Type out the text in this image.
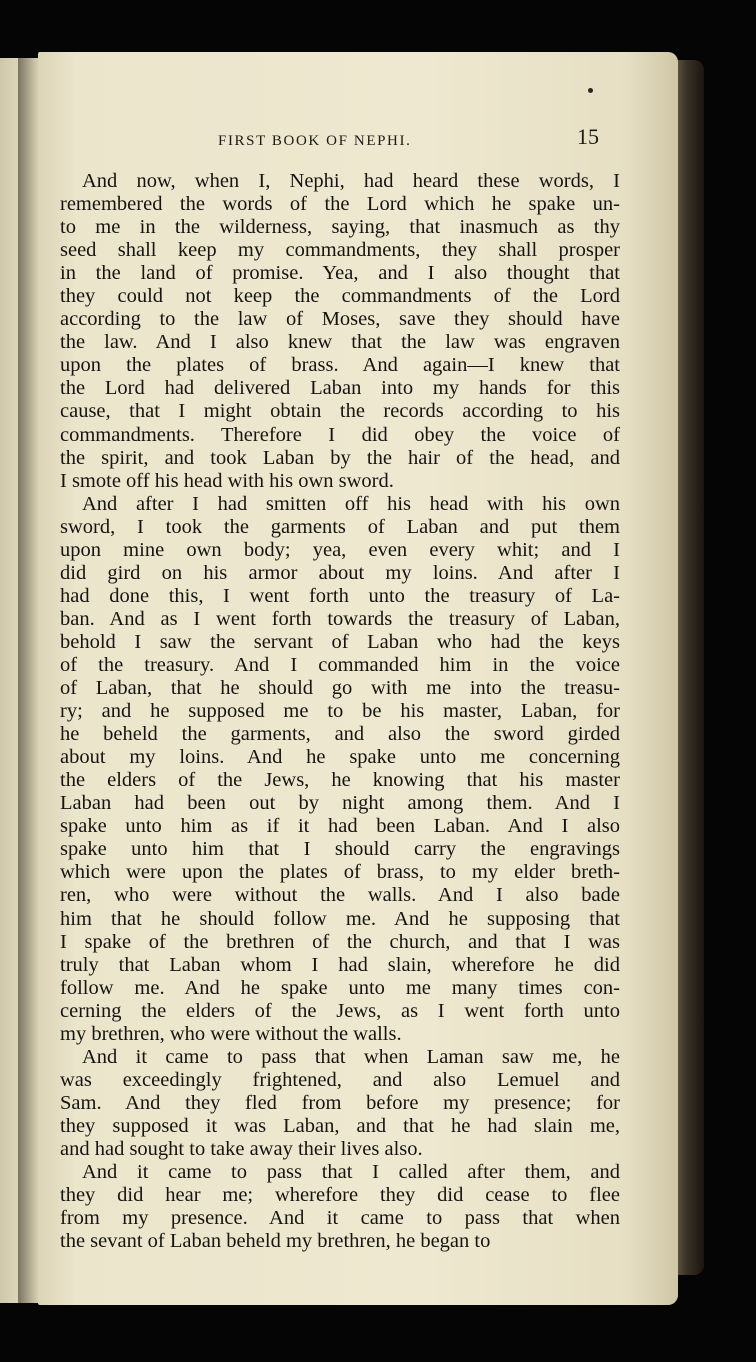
FIRST BOOK OF NEPHI.	15
And now, when I, Nephi, had heard these words, I
remembered the words of the Lord which he spake un-
to me in the wilderness, saying, that inasmuch as thy
seed shall keep my commandments, they shall prosper
in the land of promise. Yea, and I also thought that
they could not keep the commandments of the Lord
according to the law of Moses, save they should have
the law. And I also knew that the law was engraven
upon the plates of brass. And again—I knew that
the Lord had delivered Laban into my hands for this
cause, that I might obtain the records according to his
commandments. Therefore I did obey the voice of
the spirit, and took Laban by the hair of the head, and
I smote off his head with his own sword.
And after I had smitten off his head with his own
sword, I took the garments of Laban and put them
upon mine own body; yea, even every whit; and I
did gird on his armor about my loins. And after I
had done this, I went forth unto the treasury of La-
ban. And as I went forth towards the treasury of Laban,
behold I saw the servant of Laban who had the keys
of the treasury. And I commanded him in the voice
of Laban, that he should go with me into the treasu-
ry; and he supposed me to be his master, Laban, for
he beheld the garments, and also the sword girded
about my loins. And he spake unto me concerning
the elders of the Jews, he knowing that his master
Laban had been out by night among them. And I
spake unto him as if it had been Laban. And I also
spake unto him that I should carry the engravings
which were upon the plates of brass, to my elder breth-
ren, who were without the walls. And I also bade
him that he should follow me. And he supposing that
I spake of the brethren of the church, and that I was
truly that Laban whom I had slain, wherefore he did
follow me. And he spake unto me many times con-
cerning the elders of the Jews, as I went forth unto
my brethren, who were without the walls.
And it came to pass that when Laman saw me, he
was exceedingly frightened, and also Lemuel and
Sam. And they fled from before my presence; for
they supposed it was Laban, and that he had slain me,
and had sought to take away their lives also.
And it came to pass that I called after them, and
they did hear me; wherefore they did cease to flee
from my presence. And it came to pass that when
the sevant of Laban beheld my brethren, he began to
